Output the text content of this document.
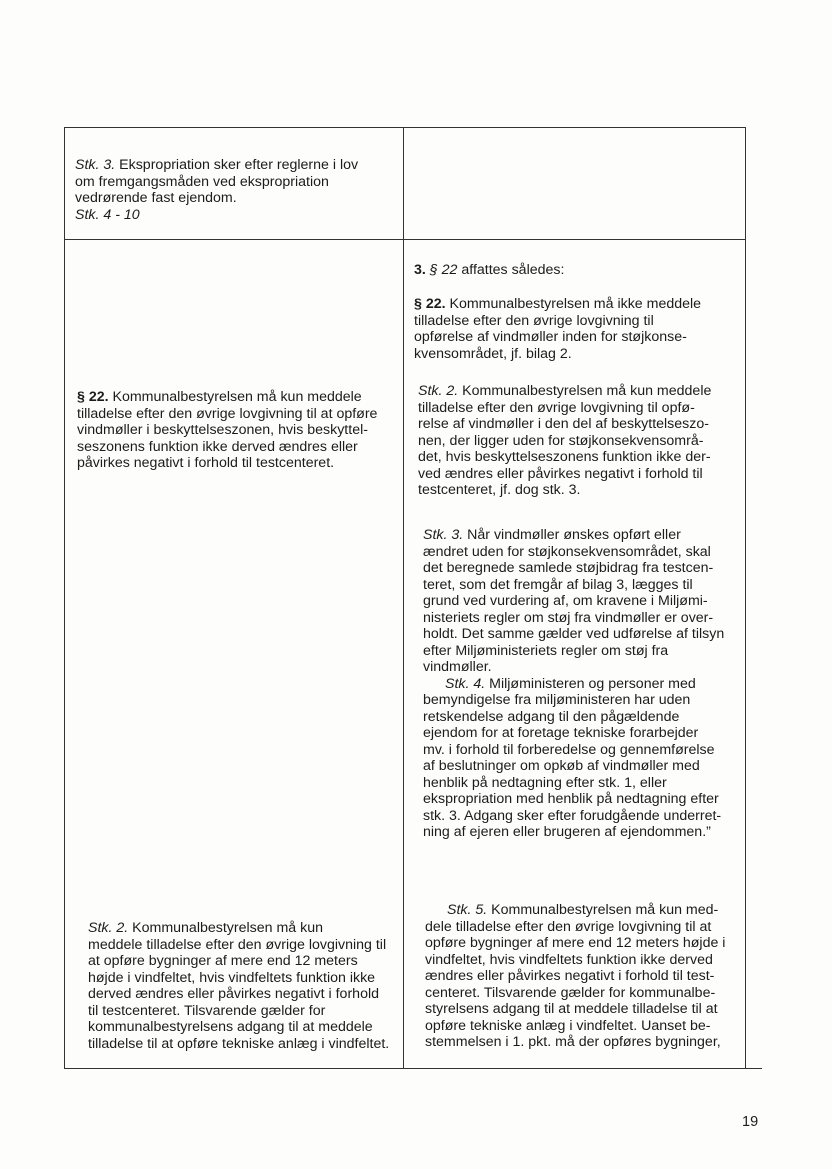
Stk. 3. Ekspropriation sker efter reglerne i lov
om fremgangsmåden ved ekspropriation
vedrørende fast ejendom.
Stk. 4 - 10
§ 22. Kommunalbestyrelsen må kun meddele
tilladelse efter den øvrige lovgivning til at opføre
vindmøller i beskyttelseszonen, hvis beskyttel-
seszonens funktion ikke derved ændres eller
påvirkes negativt i forhold til testcenteret.
Stk. 2. Kommunalbestyrelsen må kun
meddele tilladelse efter den øvrige lovgivning til
at opføre bygninger af mere end 12 meters
højde i vindfeltet, hvis vindfeltets funktion ikke
derved ændres eller påvirkes negativt i forhold
til testcenteret. Tilsvarende gælder for
kommunalbestyrelsens adgang til at meddele
tilladelse til at opføre tekniske anlæg i vindfeltet.
3. § 22 affattes således:
§ 22. Kommunalbestyrelsen må ikke meddele
tilladelse efter den øvrige lovgivning til
opførelse af vindmøller inden for støjkonse-
kvensområdet, jf. bilag 2.
Stk. 2. Kommunalbestyrelsen må kun meddele
tilladelse efter den øvrige lovgivning til opfø-
relse af vindmøller i den del af beskyttelseszo-
nen, der ligger uden for støjkonsekvensområ-
det, hvis beskyttelseszonens funktion ikke der-
ved ændres eller påvirkes negativt i forhold til
testcenteret, jf. dog stk. 3.
Stk. 3. Når vindmøller ønskes opført eller
ændret uden for støjkonsekvensområdet, skal
det beregnede samlede støjbidrag fra testcen-
teret, som det fremgår af bilag 3, lægges til
grund ved vurdering af, om kravene i Miljømi-
nisteriets regler om støj fra vindmøller er over-
holdt. Det samme gælder ved udførelse af tilsyn
efter Miljøministeriets regler om støj fra
vindmøller.
Stk. 4. Miljøministeren og personer med
bemyndigelse fra miljøministeren har uden
retskendelse adgang til den pågældende
ejendom for at foretage tekniske forarbejder
mv. i forhold til forberedelse og gennemførelse
af beslutninger om opkøb af vindmøller med
henblik på nedtagning efter stk. 1, eller
ekspropriation med henblik på nedtagning efter
stk. 3. Adgang sker efter forudgående underret-
ning af ejeren eller brugeren af ejendommen.”
Stk. 5. Kommunalbestyrelsen må kun med-
dele tilladelse efter den øvrige lovgivning til at
opføre bygninger af mere end 12 meters højde i
vindfeltet, hvis vindfeltets funktion ikke derved
ændres eller påvirkes negativt i forhold til test-
centeret. Tilsvarende gælder for kommunalbe-
styrelsens adgang til at meddele tilladelse til at
opføre tekniske anlæg i vindfeltet. Uanset be-
stemmelsen i 1. pkt. må der opføres bygninger,
19
